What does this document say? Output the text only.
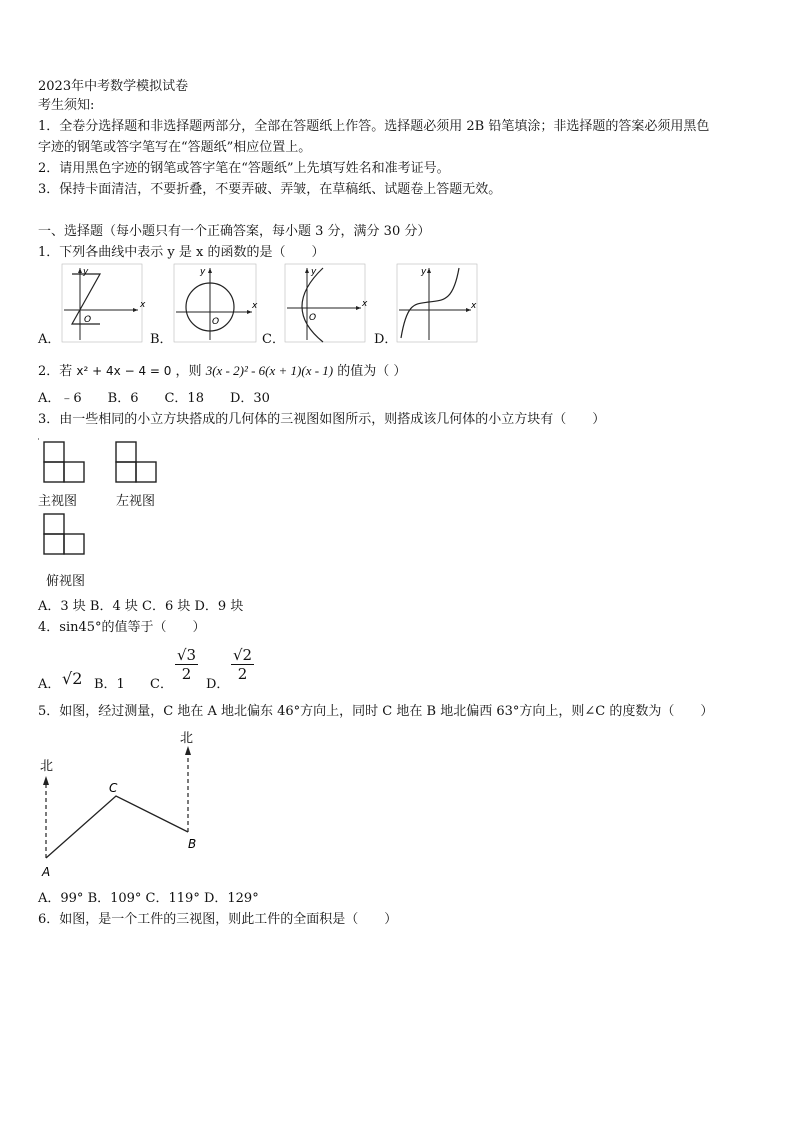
2023年中考数学模拟试卷
考生须知:
1．全卷分选择题和非选择题两部分，全部在答题纸上作答。选择题必须用 2B 铅笔填涂；非选择题的答案必须用黑色
字迹的钢笔或答字笔写在“答题纸”相应位置上。
2．请用黑色字迹的钢笔或答字笔在“答题纸”上先填写姓名和准考证号。
3．保持卡面清洁，不要折叠，不要弄破、弄皱，在草稿纸、试题卷上答题无效。
一、选择题（每小题只有一个正确答案，每小题 3 分，满分 30 分）
1．下列各曲线中表示 y 是 x 的函数的是（　　）
x
y
O
A．
x
y
O
B．
x
y
O
C．
x
y
D．
2．若 x² + 4x − 4 = 0 ，则 3(x - 2)² - 6(x + 1)(x - 1) 的值为（ ）
A．﹣6　　B．6　　C．18　　D．30
3．由一些相同的小立方块搭成的几何体的三视图如图所示，则搭成该几何体的小立方块有（　　）
主视图	左视图
俯视图
A．3 块 B．4 块 C．6 块 D．9 块
4．sin45°的值等于（　　）
A． √2 B．1 C．
$\frac{√3}{2}$
D．
$\frac{√2}{2}$
5．如图，经过测量，C 地在 A 地北偏东 46°方向上，同时 C 地在 B 地北偏西 63°方向上，则∠C 的度数为（　　）
北
北
A
B
C
A．99° B．109° C．119° D．129°
6．如图，是一个工件的三视图，则此工件的全面积是（　　）
